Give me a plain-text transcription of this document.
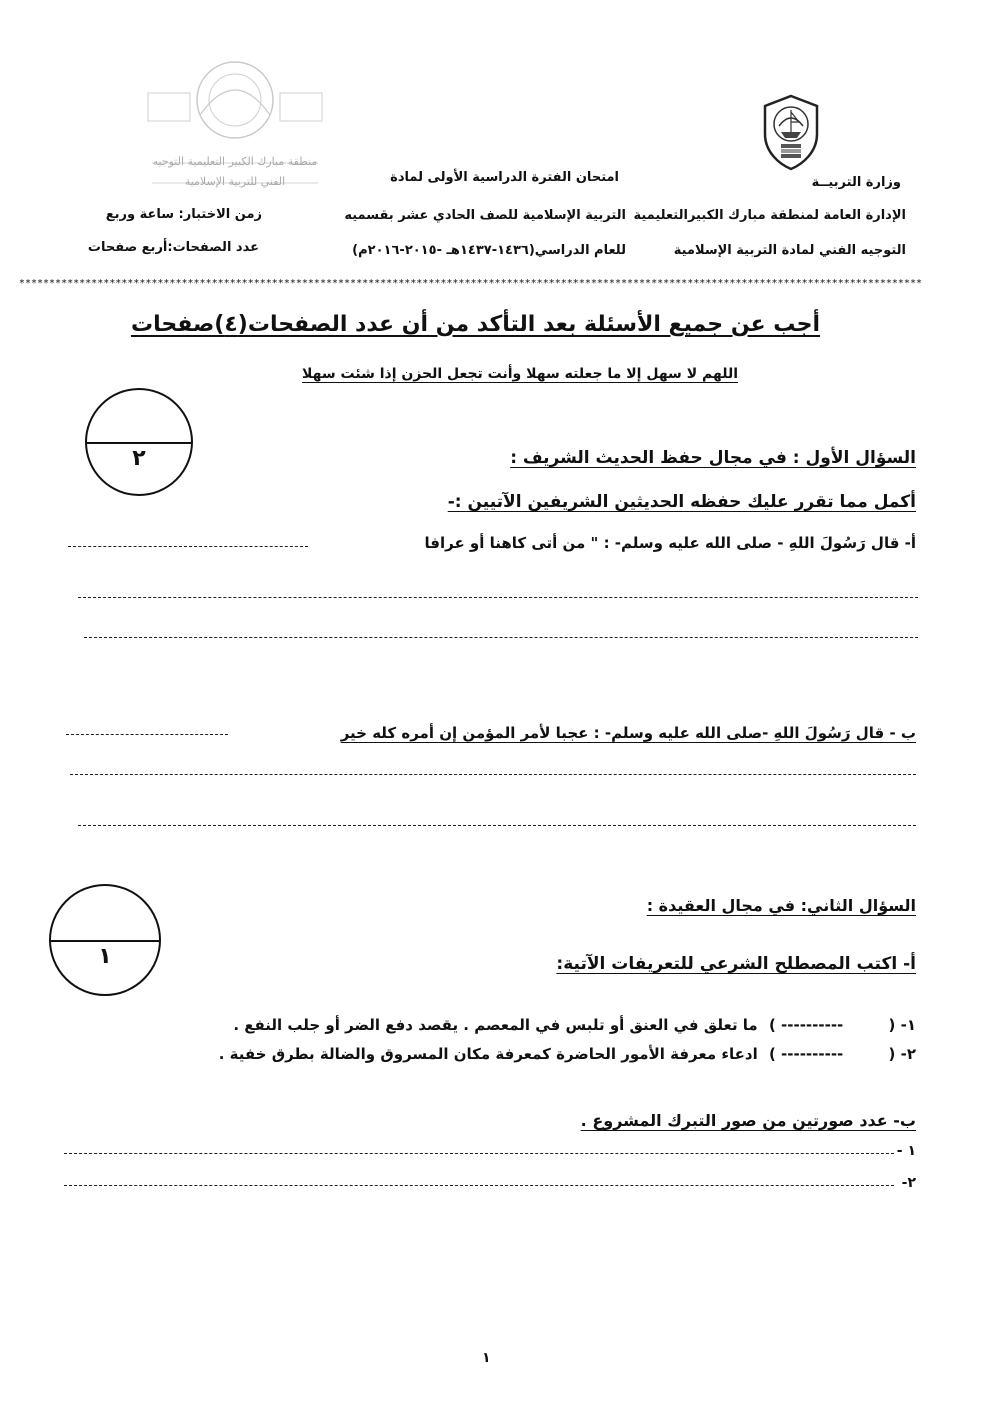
منطقة مبارك الكبير التعليمية التوجيه الفني للتربية الإسلامية	وزارة التربيــة
الإدارة العامة لمنطقة مبارك الكبيرالتعليمية
التوجيه الفني لمادة التربية الإسلامية
امتحان الفترة الدراسية الأولى لمادة
التربية الإسلامية للصف الحادي عشر بقسميه
للعام الدراسي(١٤٣٦-١٤٣٧هـ -٢٠١٥-٢٠١٦م)
زمن الاختبار: ساعة وربع
عدد الصفحات:أربع صفحات
******************************************************************************************************************************************************
أجب عن جميع الأسئلة بعد التأكد من أن عدد الصفحات(٤)صفحات
اللهم لا سهل إلا ما جعلته سهلا وأنت تجعل الحزن إذا شئت سهلا
٢	السؤال الأول : في مجال حفظ الحديث الشريف :
أكمل مما تقرر عليك حفظه الحديثين الشريفين الآتيين :-
أ- قال رَسُولَ اللهِ - صلى الله عليه وسلم- : " من أتى كاهنا أو عرافا
ب - قال رَسُولَ اللهِ -صلى الله عليه وسلم- : عجبا لأمر المؤمن إن أمره كله خير
١
السؤال الثاني: في مجال العقيدة :
أ- اكتب المصطلح الشرعي للتعريفات الآتية:
١- ( ---------- ) ما تعلق في العنق أو تلبس في المعصم . يقصد دفع الضر أو جلب النفع .
٢- ( ---------- ) ادعاء معرفة الأمور الحاضرة كمعرفة مكان المسروق والضالة بطرق خفية .
ب- عدد صورتين من صور التبرك المشروع .
١ -
٢-
١
